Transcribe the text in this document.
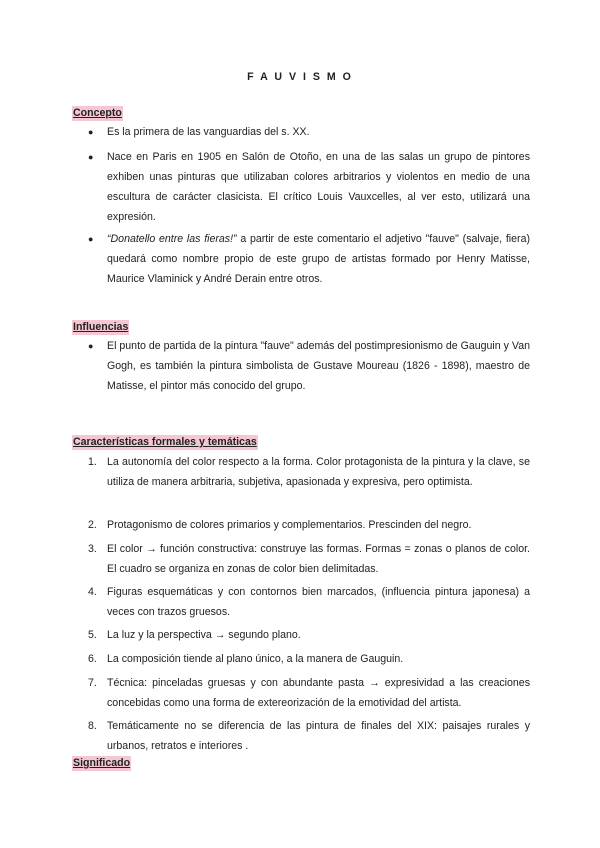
F A U V I S M O
Concepto
● Es la primera de las vanguardias del s. XX.
● Nace en Paris en 1905 en Salón de Otoño, en una de las salas un grupo de pintores exhiben unas pinturas que utilizaban colores arbitrarios y violentos en medio de una escultura de carácter clasicista. El crítico Louis Vauxcelles, al ver esto, utilizará una expresión.
● “Donatello entre las fieras!” a partir de este comentario el adjetivo "fauve" (salvaje, fiera) quedará como nombre propio de este grupo de artistas formado por Henry Matisse, Maurice Vlaminick y André Derain entre otros.
Influencias
● El punto de partida de la pintura "fauve" además del postimpresionismo de Gauguin y Van Gogh, es también la pintura simbolista de Gustave Moureau (1826 - 1898), maestro de Matisse, el pintor más conocido del grupo.
Características formales y temáticas
1. La autonomía del color respecto a la forma. Color protagonista de la pintura y la clave, se utiliza de manera arbitraria, subjetiva, apasionada y expresiva, pero optimista.
2. Protagonismo de colores primarios y complementarios. Prescinden del negro.
3. El color → función constructiva: construye las formas. Formas = zonas o planos de color. El cuadro se organiza en zonas de color bien delimitadas.
4. Figuras esquemáticas y con contornos bien marcados, (influencia pintura japonesa) a veces con trazos gruesos.
5. La luz y la perspectiva → segundo plano.
6. La composición tiende al plano único, a la manera de Gauguin.
7. Técnica: pinceladas gruesas y con abundante pasta → expresividad a las creaciones concebidas como una forma de extereorización de la emotividad del artista.
8. Temáticamente no se diferencia de las pintura de finales del XIX: paisajes rurales y urbanos, retratos e interiores .
Significado
